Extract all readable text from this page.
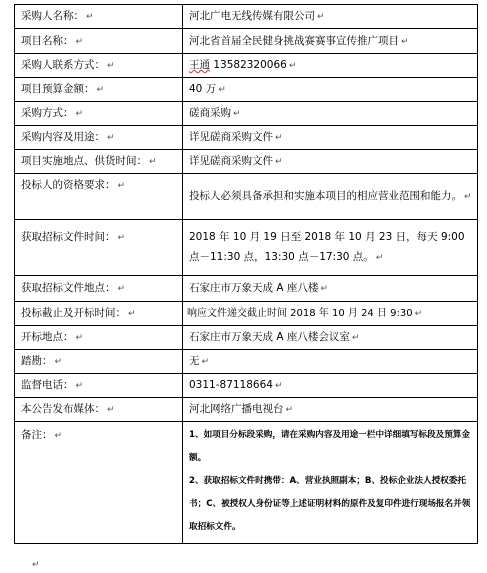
采购人名称： ↵	河北广电无线传媒有限公司 ↵
项目名称： ↵	河北省首届全民健身挑战赛赛事宣传推广项目 ↵
采购人联系方式： ↵	王通 13582320066 ↵
项目预算金额： ↵	40 万 ↵
采购方式： ↵	磋商采购 ↵
采购内容及用途： ↵	详见磋商采购文件 ↵
项目实施地点、供货时间： ↵	详见磋商采购文件 ↵
投标人的资格要求： ↵	投标人必须具备承担和实施本项目的相应营业范围和能力。 ↵
获取招标文件时间： ↵	2018 年 10 月 19 日至 2018 年 10 月 23 日，每天 9:00 点－11:30 点，13:30 点－17:30 点。 ↵
获取招标文件地点： ↵	石家庄市万象天成 A 座八楼 ↵
投标截止及开标时间： ↵	响应文件递交截止时间 2018 年 10 月 24 日 9:30 ↵
开标地点： ↵	石家庄市万象天成 A 座八楼会议室 ↵
踏勘： ↵	无 ↵
监督电话： ↵	0311-87118664 ↵
本公告发布媒体： ↵	河北网络广播电视台 ↵
备注： ↵	1、如项目分标段采购，请在采购内容及用途一栏中详细填写标段及预算金额。

2、获取招标文件时携带：A、营业执照副本；B、投标企业法人授权委托书；C、被授权人身份证等上述证明材料的原件及复印件进行现场报名并领取招标文件。

↵
